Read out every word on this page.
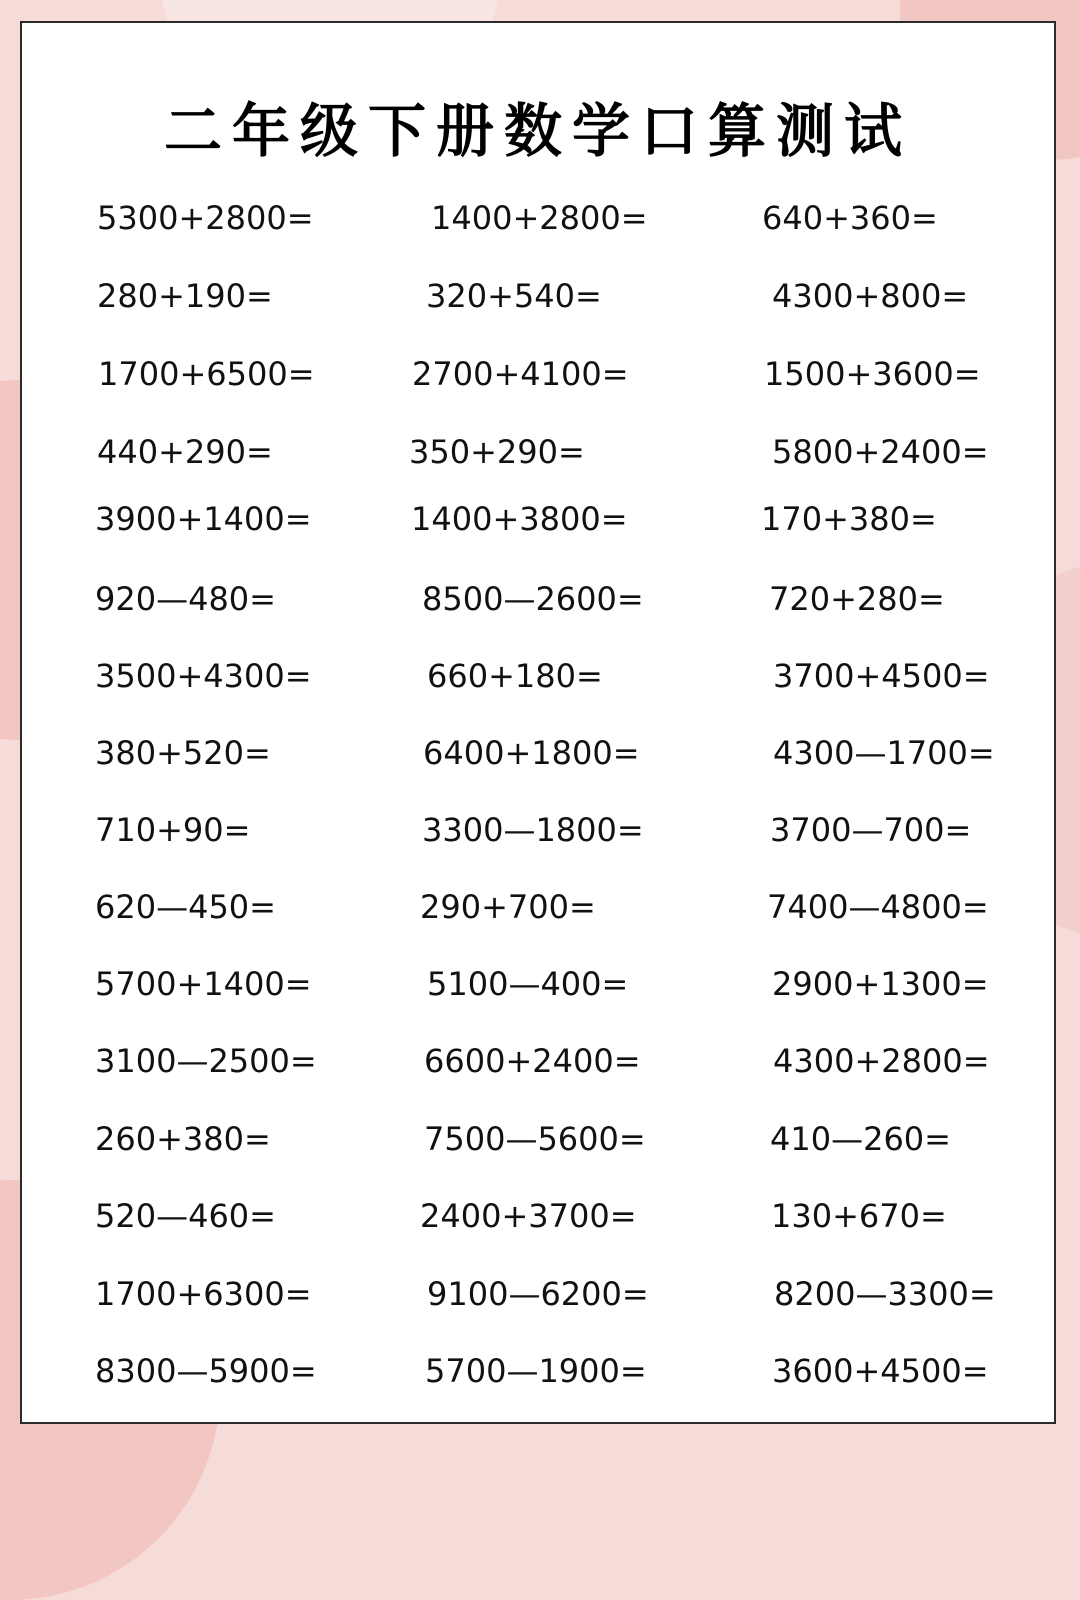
二年级下册数学口算测试
5300+2800=	1400+2800=	640+360=
280+190=	320+540=	4300+800=
1700+6500=	2700+4100=	1500+3600=
440+290=	350+290=	5800+2400=
3900+1400=	1400+3800=	170+380=
920—480=	8500—2600=	720+280=
3500+4300=	660+180=	3700+4500=
380+520=	6400+1800=	4300—1700=
710+90=	3300—1800=	3700—700=
620—450=	290+700=	7400—4800=
5700+1400=	5100—400=	2900+1300=
3100—2500=	6600+2400=	4300+2800=
260+380=	7500—5600=	410—260=
520—460=	2400+3700=	130+670=
1700+6300=	9100—6200=	8200—3300=
8300—5900=	5700—1900=	3600+4500=
